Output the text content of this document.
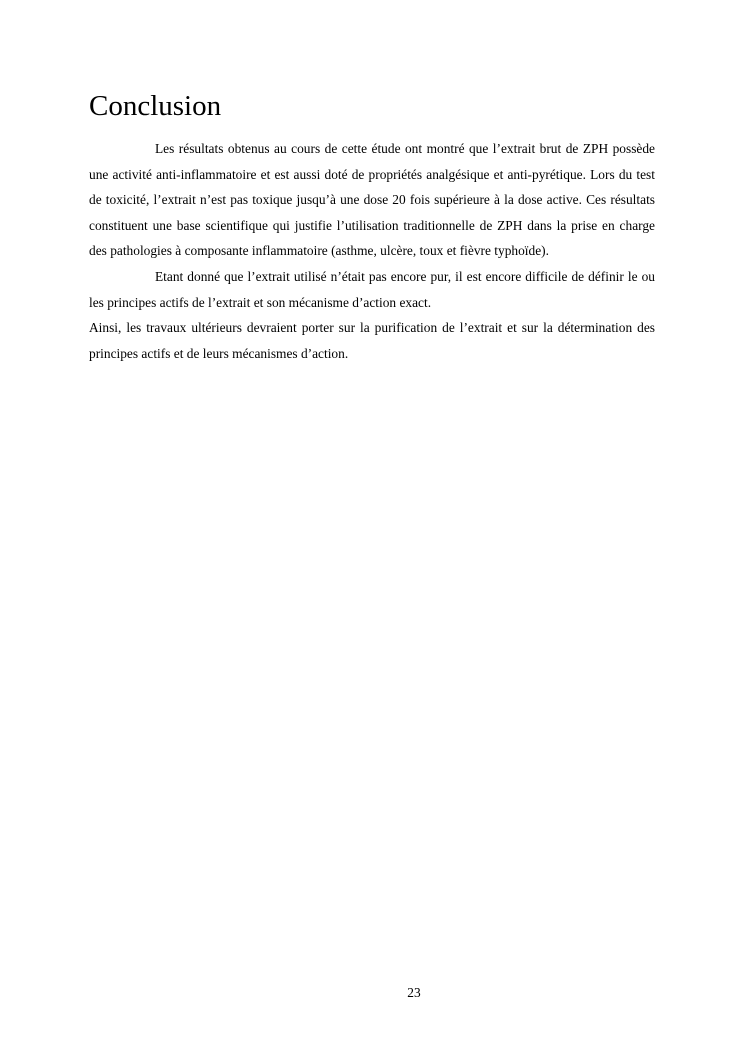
Conclusion

Les résultats obtenus au cours de cette étude ont montré que l’extrait brut de ZPH possède une activité anti-inflammatoire et est aussi doté de propriétés analgésique et anti-pyrétique. Lors du test de toxicité, l’extrait n’est pas toxique jusqu’à une dose 20 fois supérieure à la dose active. Ces résultats constituent une base scientifique qui justifie l’utilisation traditionnelle de ZPH dans la prise en charge des pathologies à composante inflammatoire (asthme, ulcère, toux et fièvre typhoïde).

Etant donné que l’extrait utilisé n’était pas encore pur, il est encore difficile de définir le ou les principes actifs de l’extrait et son mécanisme d’action exact.

Ainsi, les travaux ultérieurs devraient porter sur la purification de l’extrait et sur la détermination des principes actifs et de leurs mécanismes d’action.

23
